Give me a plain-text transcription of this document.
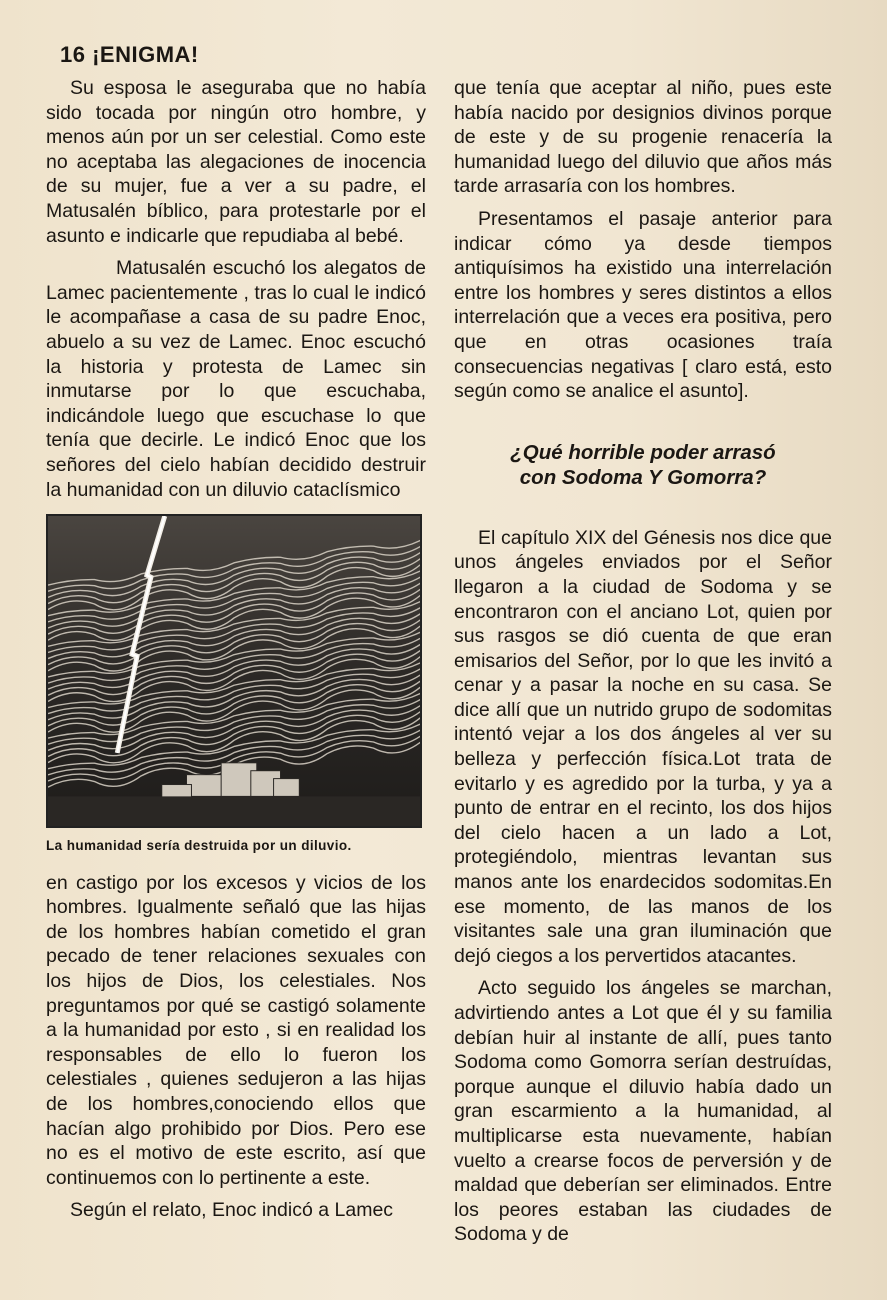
16 ¡ENIGMA!

Su esposa le aseguraba que no había sido tocada por ningún otro hombre, y menos aún por un ser celestial. Como este no aceptaba las alegaciones de inocencia de su mujer, fue a ver a su padre, el Matusalén bíblico, para protestarle por el asunto e indicarle que repudiaba al bebé.

Matusalén escuchó los alegatos de Lamec pacientemente , tras lo cual le indicó le acompañase a casa de su padre Enoc, abuelo a su vez de Lamec. Enoc escuchó la historia y protesta de Lamec sin inmutarse por lo que escuchaba, indicándole luego que escuchase lo que tenía que decirle. Le indicó Enoc que los señores del cielo habían decidido destruir la humanidad con un diluvio cataclísmico

La humanidad sería destruida por un diluvio.

en castigo por los excesos y vicios de los hombres. Igualmente señaló que las hijas de los hombres habían cometido el gran pecado de tener relaciones sexuales con los hijos de Dios, los celestiales. Nos preguntamos por qué se castigó solamente a la humanidad por esto , si en realidad los responsables de ello lo fueron los celestiales , quienes sedujeron a las hijas de los hombres,conociendo ellos que hacían algo prohibido por Dios. Pero ese no es el motivo de este escrito, así que continuemos con lo pertinente a este.

Según el relato, Enoc indicó a Lamec

que tenía que aceptar al niño, pues este había nacido por designios divinos porque de este y de su progenie renacería la humanidad luego del diluvio que años más tarde arrasaría con los hombres.

Presentamos el pasaje anterior para indicar cómo ya desde tiempos antiquísimos ha existido una interrelación entre los hombres y seres distintos a ellos interrelación que a veces era positiva, pero que en otras ocasiones traía consecuencias negativas [ claro está, esto según como se analice el asunto].

¿Qué horrible poder arrasó

con Sodoma Y Gomorra?

El capítulo XIX del Génesis nos dice que unos ángeles enviados por el Señor llegaron a la ciudad de Sodoma y se encontraron con el anciano Lot, quien por sus rasgos se dió cuenta de que eran emisarios del Señor, por lo que les invitó a cenar y a pasar la noche en su casa. Se dice allí que un nutrido grupo de sodomitas intentó vejar a los dos ángeles al ver su belleza y perfección física.Lot trata de evitarlo y es agredido por la turba, y ya a punto de entrar en el recinto, los dos hijos del cielo hacen a un lado a Lot, protegiéndolo, mientras levantan sus manos ante los enardecidos sodomitas.En ese momento, de las manos de los visitantes sale una gran iluminación que dejó ciegos a los pervertidos atacantes.

Acto seguido los ángeles se marchan, advirtiendo antes a Lot que él y su familia debían huir al instante de allí, pues tanto Sodoma como Gomorra serían destruídas, porque aunque el diluvio había dado un gran escarmiento a la humanidad, al multiplicarse esta nuevamente, habían vuelto a crearse focos de perversión y de maldad que deberían ser eliminados. Entre los peores estaban las ciudades de Sodoma y de
